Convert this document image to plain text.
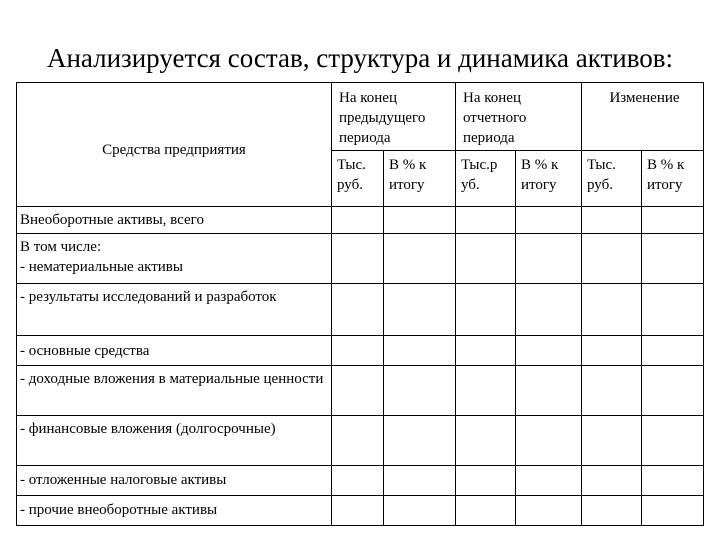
Анализируется состав, структура и динамика активов:
Средства предприятия	На конец предыдущего периода		На конец отчетного периода		Изменение	
	Тыс. руб.	В % к итогу	Тыс.р уб.	В % к итогу	Тыс. руб.	В % к итогу
Внеоборотные активы, всего						
В том числе:
- нематериальные активы						
- результаты исследований и разработок						
- основные средства						
- доходные вложения в материальные ценности						
- финансовые вложения (долгосрочные)						
- отложенные налоговые активы						
- прочие внеоборотные активы						
